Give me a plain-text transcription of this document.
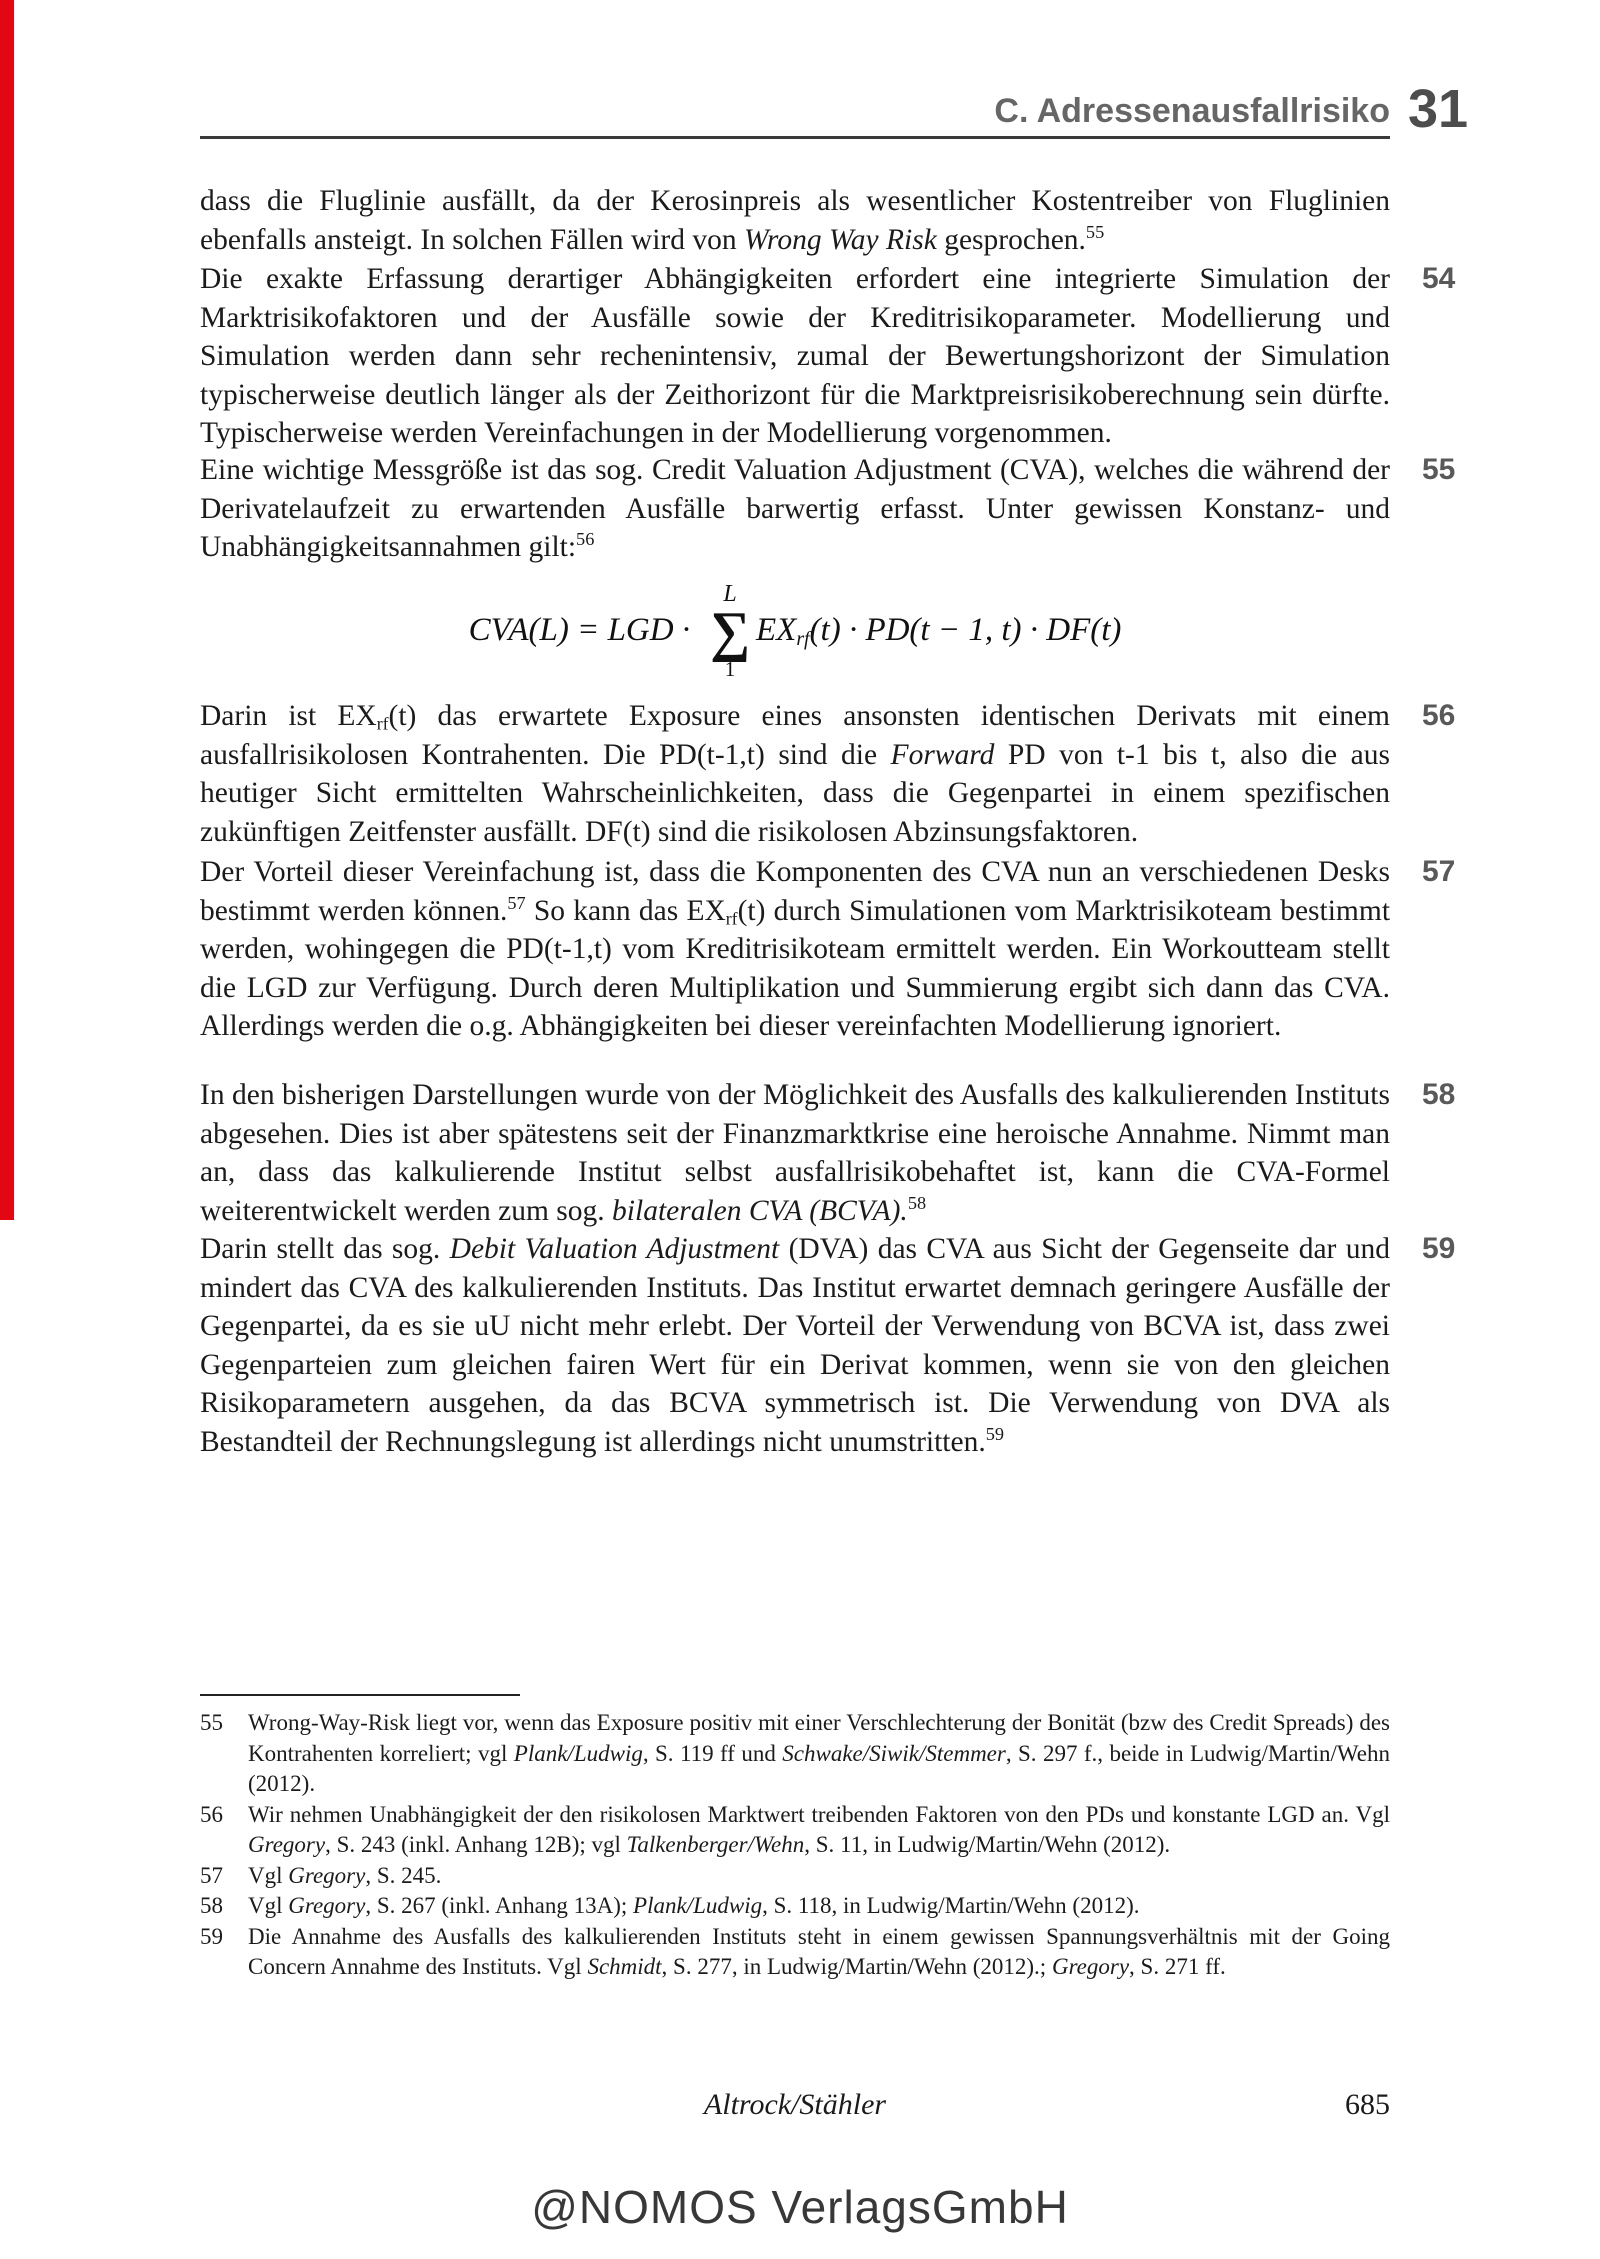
C. Adressenausfallrisiko 31
dass die Fluglinie ausfällt, da der Kerosinpreis als wesentlicher Kostentreiber von Fluglinien ebenfalls ansteigt. In solchen Fällen wird von Wrong Way Risk gesprochen.$^{55}$
Die exakte Erfassung derartiger Abhängigkeiten erfordert eine integrierte Simulation der Marktrisikofaktoren und der Ausfälle sowie der Kreditrisikoparameter. Modellierung und Simulation werden dann sehr rechenintensiv, zumal der Bewertungshorizont der Simulation typischerweise deutlich länger als der Zeithorizont für die Marktpreisrisikoberechnung sein dürfte. Typischerweise werden Vereinfachungen in der Modellierung vorgenommen.
54
Eine wichtige Messgröße ist das sog. Credit Valuation Adjustment (CVA), welches die während der Derivatelaufzeit zu erwartenden Ausfälle barwertig erfasst. Unter gewissen Konstanz- und Unabhängigkeitsannahmen gilt:$^{56}$
55
Darin ist $EX_{rf}(t)$ das erwartete Exposure eines ansonsten identischen Derivats mit einem ausfallrisikolosen Kontrahenten. Die PD(t-1,t) sind die Forward PD von t-1 bis t, also die aus heutiger Sicht ermittelten Wahrscheinlichkeiten, dass die Gegenpartei in einem spezifischen zukünftigen Zeitfenster ausfällt. DF(t) sind die risikolosen Abzinsungsfaktoren.
56
Der Vorteil dieser Vereinfachung ist, dass die Komponenten des CVA nun an verschiedenen Desks bestimmt werden können.$^{57}$ So kann das $EX_{rf}(t)$ durch Simulationen vom Marktrisikoteam bestimmt werden, wohingegen die PD(t-1,t) vom Kreditrisikoteam ermittelt werden. Ein Workoutteam stellt die LGD zur Verfügung. Durch deren Multiplikation und Summierung ergibt sich dann das CVA. Allerdings werden die o.g. Abhängigkeiten bei dieser vereinfachten Modellierung ignoriert.
57
In den bisherigen Darstellungen wurde von der Möglichkeit des Ausfalls des kalkulierenden Instituts abgesehen. Dies ist aber spätestens seit der Finanzmarktkrise eine heroische Annahme. Nimmt man an, dass das kalkulierende Institut selbst ausfallrisikobehaftet ist, kann die CVA-Formel weiterentwickelt werden zum sog. bilateralen CVA (BCVA).$^{58}$
58
Darin stellt das sog. Debit Valuation Adjustment (DVA) das CVA aus Sicht der Gegenseite dar und mindert das CVA des kalkulierenden Instituts. Das Institut erwartet demnach geringere Ausfälle der Gegenpartei, da es sie uU nicht mehr erlebt. Der Vorteil der Verwendung von BCVA ist, dass zwei Gegenparteien zum gleichen fairen Wert für ein Derivat kommen, wenn sie von den gleichen Risikoparametern ausgehen, da das BCVA symmetrisch ist. Die Verwendung von DVA als Bestandteil der Rechnungslegung ist allerdings nicht unumstritten.$^{59}$
59
CVA(L) = LGD ·
L
∑
1
$EX_{rf}(t) \cdot PD(t - 1$, t) · DF(t)
55	Wrong-Way-Risk liegt vor, wenn das Exposure positiv mit einer Verschlechterung der Bonität (bzw des Credit Spreads) des Kontrahenten korreliert; vgl Plank/Ludwig, S. 119 ff und Schwake/Siwik/Stemmer, S. 297 f., beide in Ludwig/Martin/Wehn (2012).
56	Wir nehmen Unabhängigkeit der den risikolosen Marktwert treibenden Faktoren von den PDs und konstante LGD an. Vgl Gregory, S. 243 (inkl. Anhang 12B); vgl Talkenberger/Wehn, S. 11, in Ludwig/Martin/Wehn (2012).
57	Vgl Gregory, S. 245.
58	Vgl Gregory, S. 267 (inkl. Anhang 13A); Plank/Ludwig, S. 118, in Ludwig/Martin/Wehn (2012).
59	Die Annahme des Ausfalls des kalkulierenden Instituts steht in einem gewissen Spannungsverhältnis mit der Going Concern Annahme des Instituts. Vgl Schmidt, S. 277, in Ludwig/Martin/Wehn (2012).; Gregory, S. 271 ff.
Altrock/Stähler	685
@NOMOS VerlagsGmbH
